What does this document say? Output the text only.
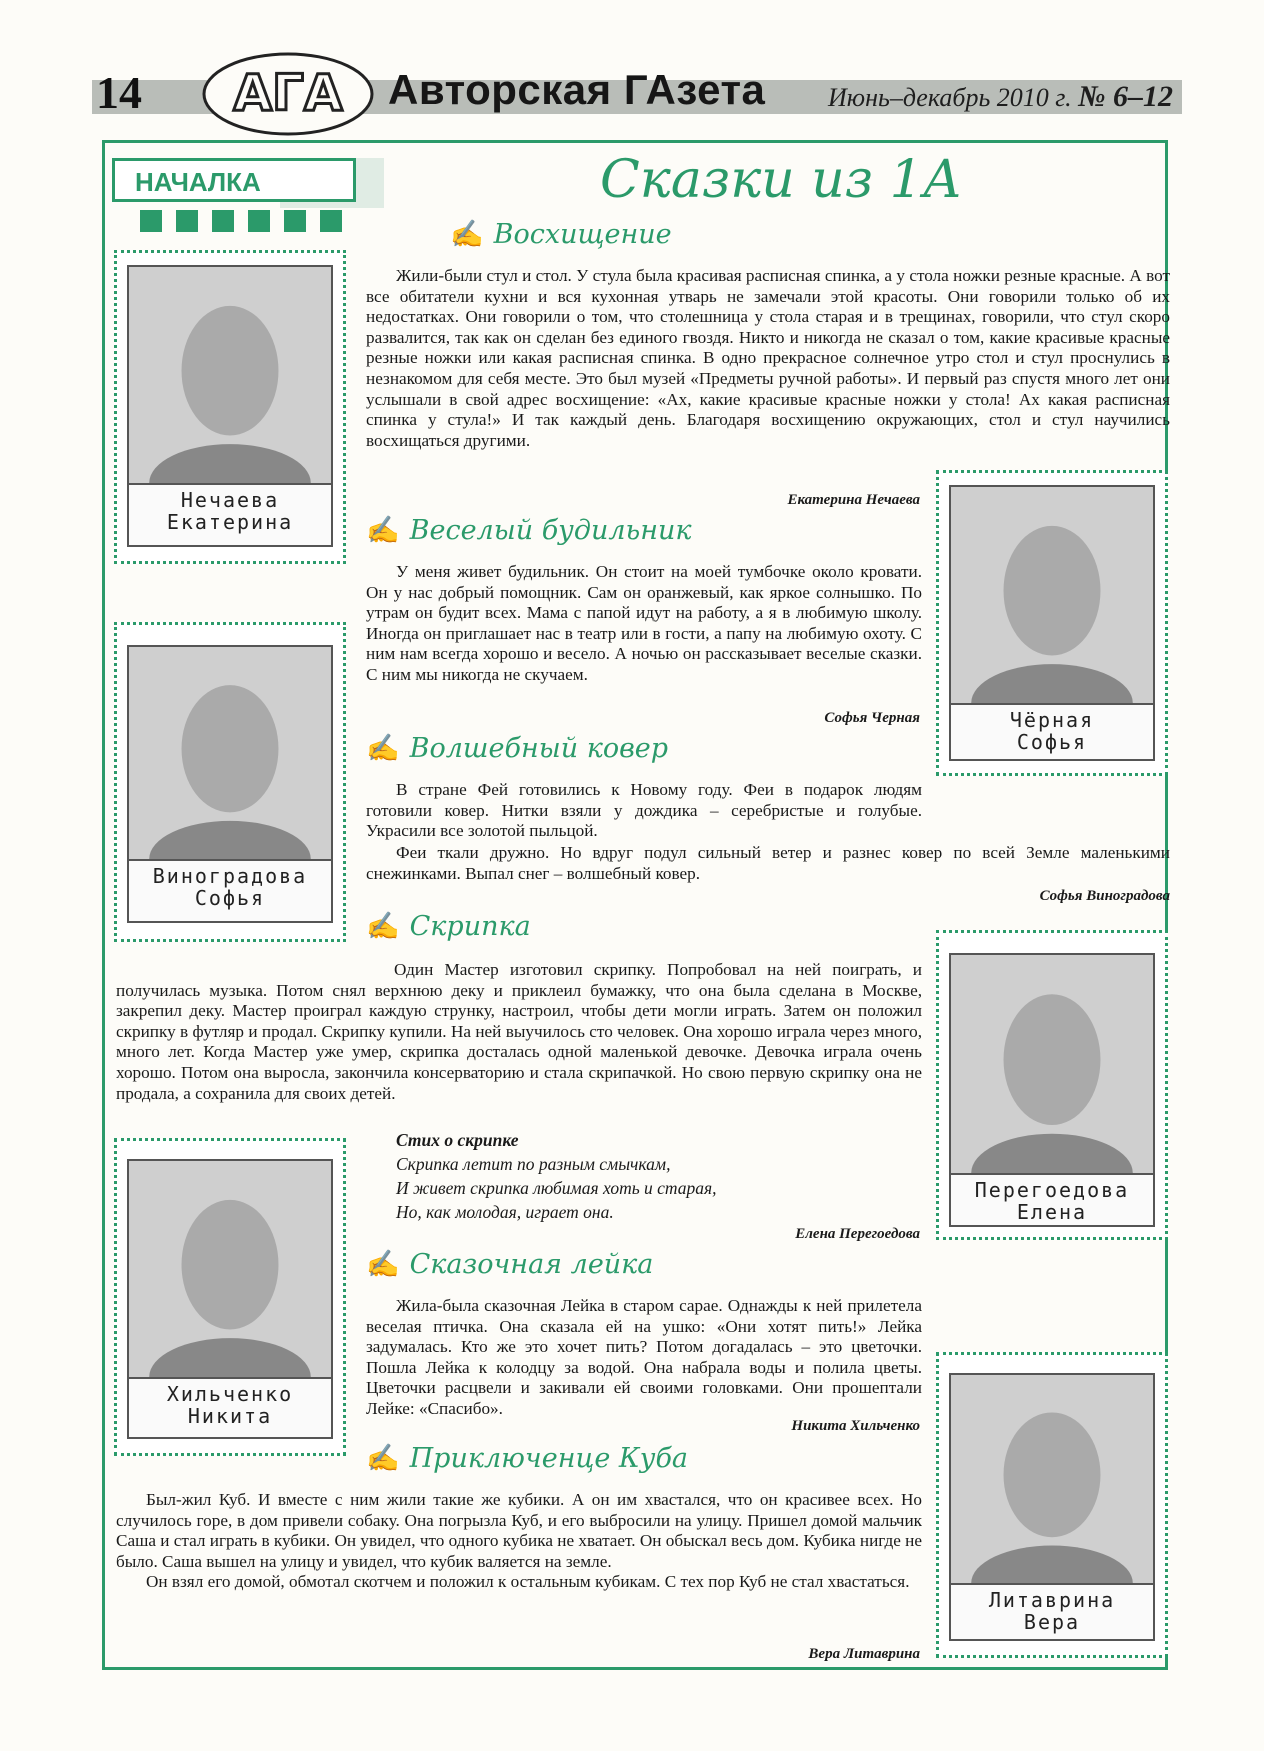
14 АГА Авторская ГАзета Июнь–декабрь 2010 г. № 6–12
НАЧАЛКА	Сказки из 1А
Нечаева
Екатерина
Чёрная
Софья
Виноградова
Софья
Перегоедова
Елена
Хильченко
Никита
Литаврина
Вера
✍ Восхищение

Жили-были стул и стол. У стула была красивая расписная спинка, а у стола ножки резные красные. А вот все обитатели кухни и вся кухонная утварь не замечали этой красоты. Они говорили только об их недостатках. Они говорили о том, что столешница у стола старая и в трещинах, говорили, что стул скоро развалится, так как он сделан без единого гвоздя. Никто и никогда не сказал о том, какие красивые красные резные ножки или какая расписная спинка. В одно прекрасное солнечное утро стол и стул проснулись в незнакомом для себя месте. Это был музей «Предметы ручной работы». И первый раз спустя много лет они услышали в свой адрес восхищение: «Ах, какие красивые красные ножки у стола! Ах какая расписная спинка у стула!» И так каждый день. Благодаря восхищению окружающих, стол и стул научились восхищаться другими.

Екатерина Нечаева
✍ Веселый будильник

У меня живет будильник. Он стоит на моей тумбочке около кровати. Он у нас добрый помощник. Сам он оранжевый, как яркое солнышко. По утрам он будит всех. Мама с папой идут на работу, а я в любимую школу. Иногда он приглашает нас в театр или в гости, а папу на любимую охоту. С ним нам всегда хорошо и весело. А ночью он рассказывает веселые сказки. С ним мы никогда не скучаем.

Софья Черная
✍ Волшебный ковер

В стране Фей готовились к Новому году. Феи в подарок людям готовили ковер. Нитки взяли у дождика – серебристые и голубые. Украсили все золотой пыльцой.

Феи ткали дружно. Но вдруг подул сильный ветер и разнес ковер по всей Земле маленькими снежинками. Выпал снег – волшебный ковер.

Софья Виноградова
✍ Скрипка

Один Мастер изготовил скрипку. Попробовал на ней поиграть, и получилась музыка. Потом снял верхнюю деку и приклеил бумажку, что она была сделана в Москве, закрепил деку. Мастер проиграл каждую струнку, настроил, чтобы дети могли играть. Затем он положил скрипку в футляр и продал. Скрипку купили. На ней выучилось сто человек. Она хорошо играла через много, много лет. Когда Мастер уже умер, скрипка досталась одной маленькой девочке. Девочка играла очень хорошо. Потом она выросла, закончила консерваторию и стала скрипачкой. Но свою первую скрипку она не продала, а сохранила для своих детей.

Стих о скрипке
Скрипка летит по разным смычкам,
И живет скрипка любимая хоть и старая,
Но, как молодая, играет она.
Елена Перегоедова
✍ Сказочная лейка

Жила-была сказочная Лейка в старом сарае. Однажды к ней прилетела веселая птичка. Она сказала ей на ушко: «Они хотят пить!» Лейка задумалась. Кто же это хочет пить? Потом догадалась – это цветочки. Пошла Лейка к колодцу за водой. Она набрала воды и полила цветы. Цветочки расцвели и закивали ей своими головками. Они прошептали Лейке: «Спасибо».

Никита Хильченко
✍ Приключенце Куба

Был-жил Куб. И вместе с ним жили такие же кубики. А он им хвастался, что он красивее всех. Но случилось горе, в дом привели собаку. Она погрызла Куб, и его выбросили на улицу. Пришел домой мальчик Саша и стал играть в кубики. Он увидел, что одного кубика не хватает. Он обыскал весь дом. Кубика нигде не было. Саша вышел на улицу и увидел, что кубик валяется на земле.

Он взял его домой, обмотал скотчем и положил к остальным кубикам. С тех пор Куб не стал хвастаться.

Вера Литаврина
